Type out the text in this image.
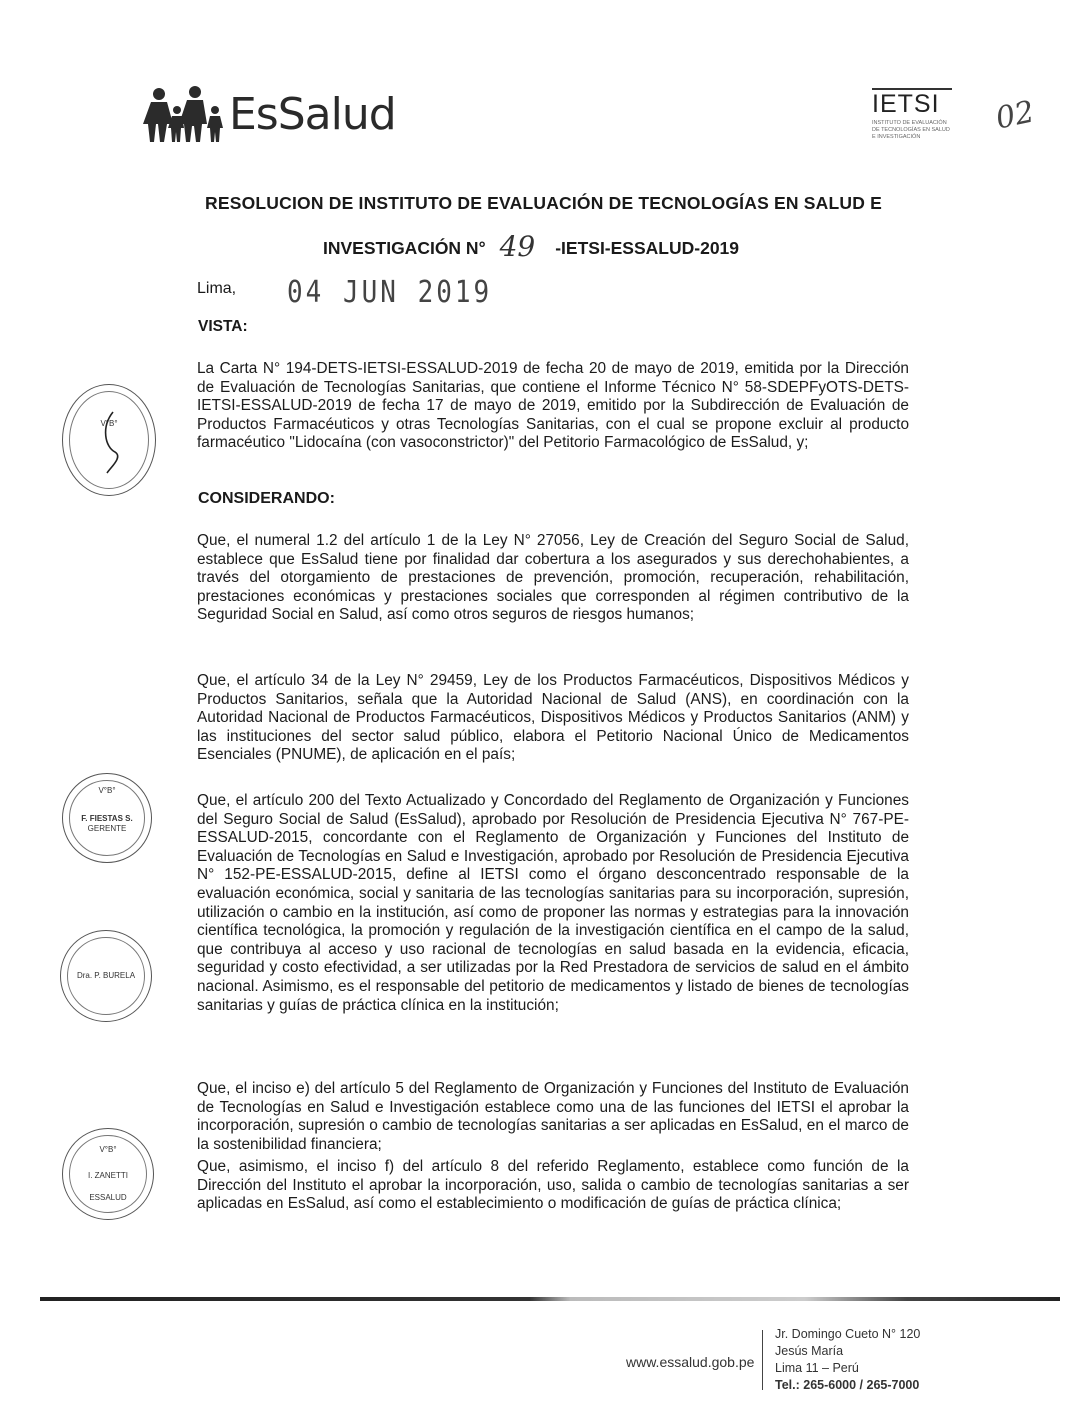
EsSalud	IETSI
INSTITUTO DE EVALUACIÓN DE TECNOLOGÍAS EN SALUD E INVESTIGACIÓN
02
RESOLUCION DE INSTITUTO DE EVALUACIÓN DE TECNOLOGÍAS EN SALUD E
INVESTIGACIÓN N° 49 -IETSI-ESSALUD-2019
Lima, 04 JUN 2019
VISTA:
La Carta N° 194-DETS-IETSI-ESSALUD-2019 de fecha 20 de mayo de 2019, emitida por la Dirección de Evaluación de Tecnologías Sanitarias, que contiene el Informe Técnico N° 58-SDEPFyOTS-DETS-IETSI-ESSALUD-2019 de fecha 17 de mayo de 2019, emitido por la Subdirección de Evaluación de Productos Farmacéuticos y otras Tecnologías Sanitarias, con el cual se propone excluir al producto farmacéutico "Lidocaína (con vasoconstrictor)" del Petitorio Farmacológico de EsSalud, y;
CONSIDERANDO:
Que, el numeral 1.2 del artículo 1 de la Ley N° 27056, Ley de Creación del Seguro Social de Salud, establece que EsSalud tiene por finalidad dar cobertura a los asegurados y sus derechohabientes, a través del otorgamiento de prestaciones de prevención, promoción, recuperación, rehabilitación, prestaciones económicas y prestaciones sociales que corresponden al régimen contributivo de la Seguridad Social en Salud, así como otros seguros de riesgos humanos;
Que, el artículo 34 de la Ley N° 29459, Ley de los Productos Farmacéuticos, Dispositivos Médicos y Productos Sanitarios, señala que la Autoridad Nacional de Salud (ANS), en coordinación con la Autoridad Nacional de Productos Farmacéuticos, Dispositivos Médicos y Productos Sanitarios (ANM) y las instituciones del sector salud público, elabora el Petitorio Nacional Único de Medicamentos Esenciales (PNUME), de aplicación en el país;
Que, el artículo 200 del Texto Actualizado y Concordado del Reglamento de Organización y Funciones del Seguro Social de Salud (EsSalud), aprobado por Resolución de Presidencia Ejecutiva N° 767-PE-ESSALUD-2015, concordante con el Reglamento de Organización y Funciones del Instituto de Evaluación de Tecnologías en Salud e Investigación, aprobado por Resolución de Presidencia Ejecutiva N° 152-PE-ESSALUD-2015, define al IETSI como el órgano desconcentrado responsable de la evaluación económica, social y sanitaria de las tecnologías sanitarias para su incorporación, supresión, utilización o cambio en la institución, así como de proponer las normas y estrategias para la innovación científica tecnológica, la promoción y regulación de la investigación científica en el campo de la salud, que contribuya al acceso y uso racional de tecnologías en salud basada en la evidencia, eficacia, seguridad y costo efectividad, a ser utilizadas por la Red Prestadora de servicios de salud en el ámbito nacional. Asimismo, es el responsable del petitorio de medicamentos y listado de bienes de tecnologías sanitarias y guías de práctica clínica en la institución;
Que, el inciso e) del artículo 5 del Reglamento de Organización y Funciones del Instituto de Evaluación de Tecnologías en Salud e Investigación establece como una de las funciones del IETSI el aprobar la incorporación, supresión o cambio de tecnologías sanitarias a ser aplicadas en EsSalud, en el marco de la sostenibilidad financiera;
Que, asimismo, el inciso f) del artículo 8 del referido Reglamento, establece como función de la Dirección del Instituto el aprobar la incorporación, uso, salida o cambio de tecnologías sanitarias a ser aplicadas en EsSalud, así como el establecimiento o modificación de guías de práctica clínica;
V°B°
V°B°
F. FIESTAS S.
GERENTE
Dra. P. BURELA
V°B°
I. ZANETTI
ESSALUD
www.essalud.gob.pe
Jr. Domingo Cueto N° 120
Jesús María
Lima 11 – Perú
Tel.: 265-6000 / 265-7000
